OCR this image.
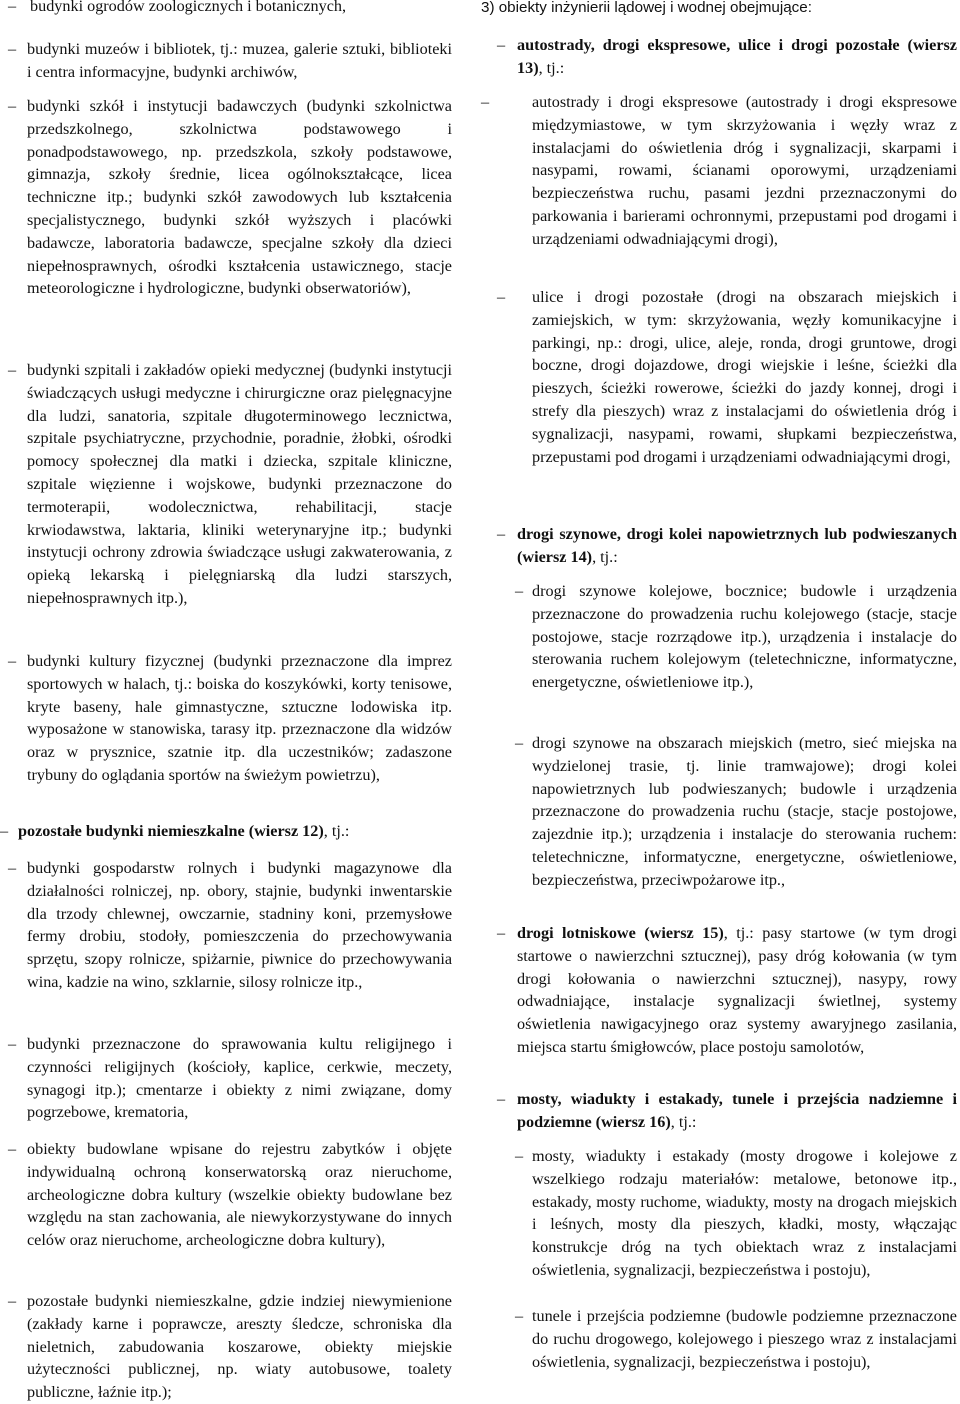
– budynki ogrodów zoologicznych i botanicznych,
– budynki muzeów i bibliotek, tj.: muzea, galerie sztuki, biblioteki i centra informacyjne, budynki archiwów,
– budynki szkół i instytucji badawczych (budynki szkolnictwa przedszkolnego, szkolnictwa podstawowego i ponadpodstawowego, np. przedszkola, szkoły podstawowe, gimnazja, szkoły średnie, licea ogólnokształcące, licea techniczne itp.; budynki szkół zawodowych lub kształcenia specjalistycznego, budynki szkół wyższych i placówki badawcze, laboratoria badawcze, specjalne szkoły dla dzieci niepełnosprawnych, ośrodki kształcenia ustawicznego, stacje meteorologiczne i hydrologiczne, budynki obserwatoriów),
– budynki szpitali i zakładów opieki medycznej (budynki instytucji świadczących usługi medyczne i chirurgiczne oraz pielęgnacyjne dla ludzi, sanatoria, szpitale długoterminowego lecznictwa, szpitale psychiatryczne, przychodnie, poradnie, żłobki, ośrodki pomocy społecznej dla matki i dziecka, szpitale kliniczne, szpitale więzienne i wojskowe, budynki przeznaczone do termoterapii, wodolecznictwa, rehabilitacji, stacje krwiodawstwa, laktaria, kliniki weterynaryjne itp.; budynki instytucji ochrony zdrowia świadczące usługi zakwaterowania, z opieką lekarską i pielęgniarską dla ludzi starszych, niepełnosprawnych itp.),
– budynki kultury fizycznej (budynki przeznaczone dla imprez sportowych w halach, tj.: boiska do koszykówki, korty tenisowe, kryte baseny, hale gimnastyczne, sztuczne lodowiska itp. wyposażone w stanowiska, tarasy itp. przeznaczone dla widzów oraz w prysznice, szatnie itp. dla uczestników; zadaszone trybuny do oglądania sportów na świeżym powietrzu),
– pozostałe budynki niemieszkalne (wiersz 12), tj.:
– budynki gospodarstw rolnych i budynki magazynowe dla działalności rolniczej, np. obory, stajnie, budynki inwentarskie dla trzody chlewnej, owczarnie, stadniny koni, przemysłowe fermy drobiu, stodoły, pomieszczenia do przechowywania sprzętu, szopy rolnicze, spiżarnie, piwnice do przechowywania wina, kadzie na wino, szklarnie, silosy rolnicze itp.,
– budynki przeznaczone do sprawowania kultu religijnego i czynności religijnych (kościoły, kaplice, cerkwie, meczety, synagogi itp.); cmentarze i obiekty z nimi związane, domy pogrzebowe, krematoria,
– obiekty budowlane wpisane do rejestru zabytków i objęte indywidualną ochroną konserwatorską oraz nieruchome, archeologiczne dobra kultury (wszelkie obiekty budowlane bez względu na stan zachowania, ale niewykorzystywane do innych celów oraz nieruchome, archeologiczne dobra kultury),
– pozostałe budynki niemieszkalne, gdzie indziej niewymienione (zakłady karne i poprawcze, areszty śledcze, schroniska dla nieletnich, zabudowania koszarowe, obiekty miejskie użyteczności publicznej, np. wiaty autobusowe, toalety publiczne, łaźnie itp.);
3) obiekty inżynierii lądowej i wodnej obejmujące:
– autostrady, drogi ekspresowe, ulice i drogi pozostałe (wiersz 13), tj.:
–	autostrady i drogi ekspresowe (autostrady i drogi ekspresowe międzymiastowe, w tym skrzyżowania i węzły wraz z instalacjami do oświetlenia dróg i sygnalizacji, skarpami i nasypami, rowami, ścianami oporowymi, urządzeniami bezpieczeństwa ruchu, pasami jezdni przeznaczonymi do parkowania i barierami ochronnymi, przepustami pod drogami i urządzeniami odwadniającymi drogi),
– ulice i drogi pozostałe (drogi na obszarach miejskich i zamiejskich, w tym: skrzyżowania, węzły komunikacyjne i parkingi, np.: drogi, ulice, aleje, ronda, drogi gruntowe, drogi boczne, drogi dojazdowe, drogi wiejskie i leśne, ścieżki dla pieszych, ścieżki rowerowe, ścieżki do jazdy konnej, drogi i strefy dla pieszych) wraz z instalacjami do oświetlenia dróg i sygnalizacji, nasypami, rowami, słupkami bezpieczeństwa, przepustami pod drogami i urządzeniami odwadniającymi drogi,
– drogi szynowe, drogi kolei napowietrznych lub podwieszanych (wiersz 14), tj.:
– drogi szynowe kolejowe, bocznice; budowle i urządzenia przeznaczone do prowadzenia ruchu kolejowego (stacje, stacje postojowe, stacje rozrządowe itp.), urządzenia i instalacje do sterowania ruchem kolejowym (teletechniczne, informatyczne, energetyczne, oświetleniowe itp.),
– drogi szynowe na obszarach miejskich (metro, sieć miejska na wydzielonej trasie, tj. linie tramwajowe); drogi kolei napowietrznych lub podwieszanych; budowle i urządzenia przeznaczone do prowadzenia ruchu (stacje, stacje postojowe, zajezdnie itp.); urządzenia i instalacje do sterowania ruchem: teletechniczne, informatyczne, energetyczne, oświetleniowe, bezpieczeństwa, przeciwpożarowe itp.,
– drogi lotniskowe (wiersz 15), tj.: pasy startowe (w tym drogi startowe o nawierzchni sztucznej), pasy dróg kołowania (w tym drogi kołowania o nawierzchni sztucznej), nasypy, rowy odwadniające, instalacje sygnalizacji świetlnej, systemy oświetlenia nawigacyjnego oraz systemy awaryjnego zasilania, miejsca startu śmigłowców, place postoju samolotów,
– mosty, wiadukty i estakady, tunele i przejścia nadziemne i podziemne (wiersz 16), tj.:
– mosty, wiadukty i estakady (mosty drogowe i kolejowe z wszelkiego rodzaju materiałów: metalowe, betonowe itp., estakady, mosty ruchome, wiadukty, mosty na drogach miejskich i leśnych, mosty dla pieszych, kładki, mosty, włączając konstrukcje dróg na tych obiektach wraz z instalacjami oświetlenia, sygnalizacji, bezpieczeństwa i postoju),
– tunele i przejścia podziemne (budowle podziemne przeznaczone do ruchu drogowego, kolejowego i pieszego wraz z instalacjami oświetlenia, sygnalizacji, bezpieczeństwa i postoju),
